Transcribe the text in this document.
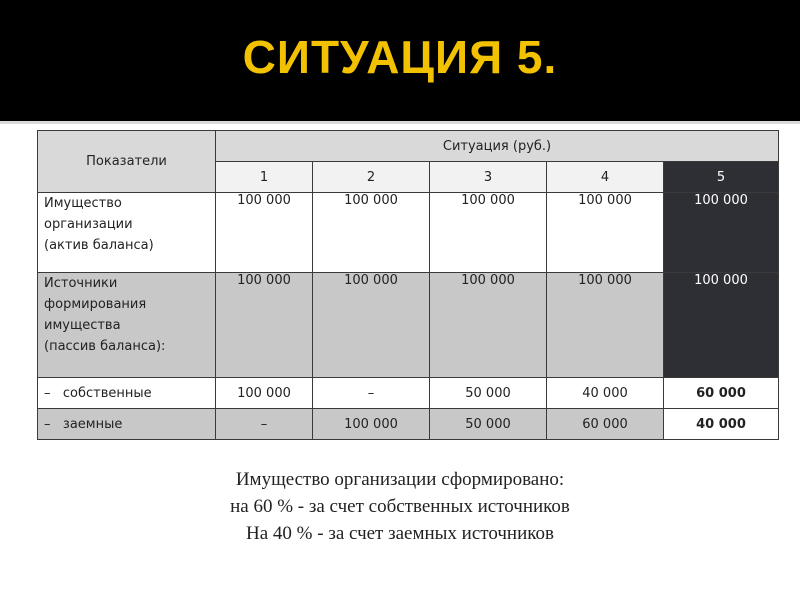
СИТУАЦИЯ 5.
Показатели	Ситуация (руб.)				
	1	2	3	4	5

Имущество
организации
(актив баланса)	100 000	100 000	100 000	100 000	100 000

Источники
формирования
имущества
(пассив баланса):	100 000	100 000	100 000	100 000	100 000
– собственные	100 000	–	50 000	40 000	60 000
– заемные	–	100 000	50 000	60 000	40 000
Имущество организации сформировано:
на 60 % - за счет собственных источников
На 40 % - за счет заемных источников
